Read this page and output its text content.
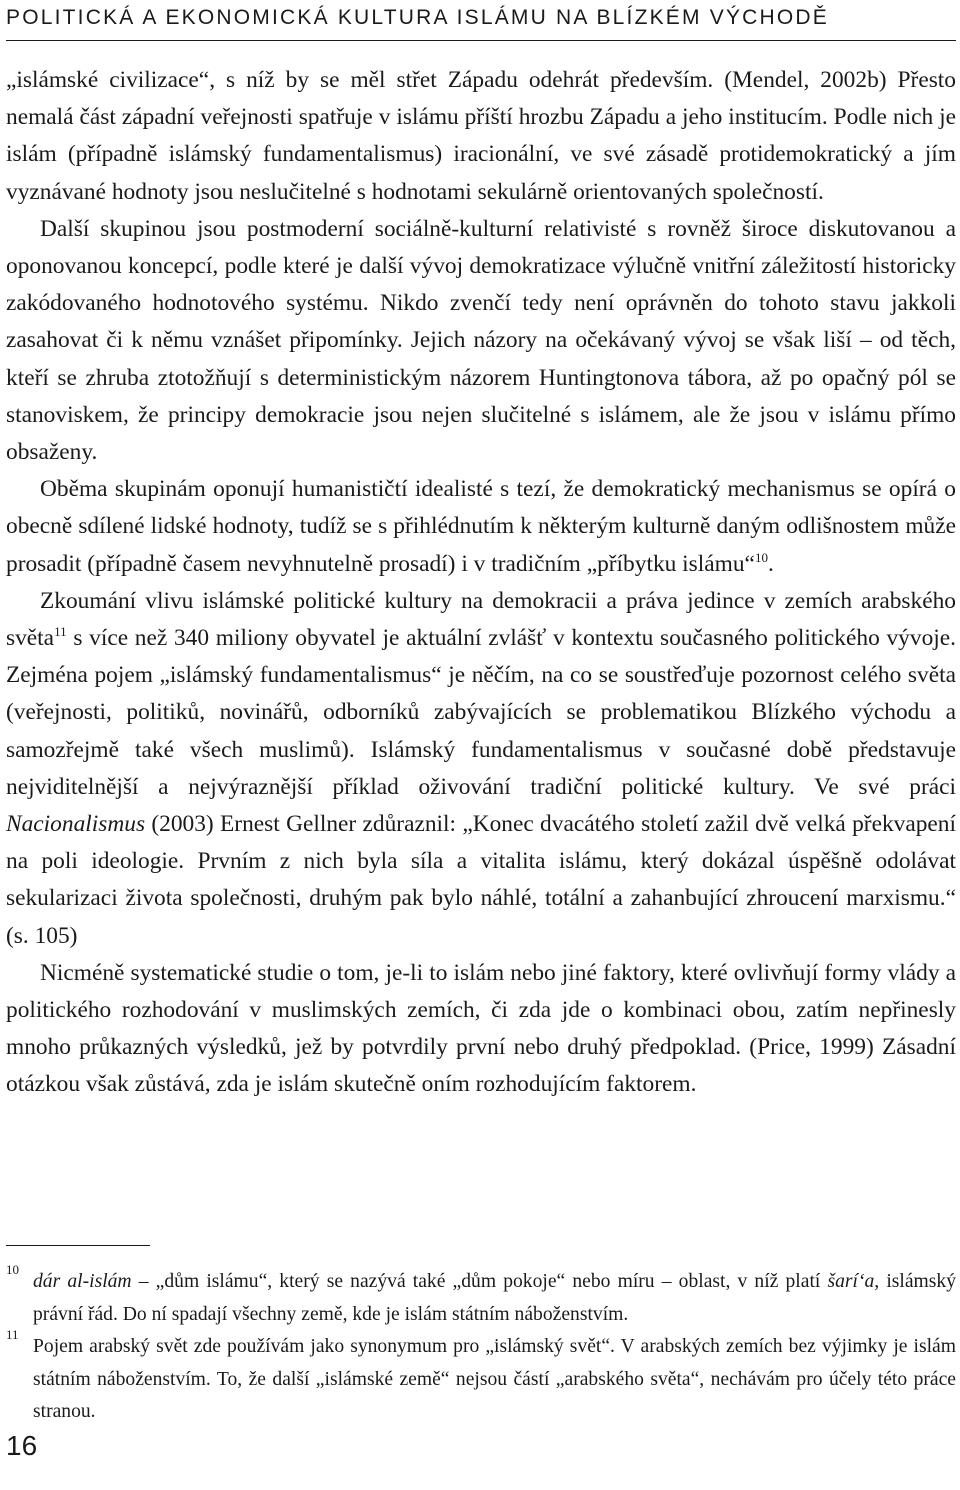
POLITICKÁ A EKONOMICKÁ KULTURA ISLÁMU NA BLÍZKÉM VÝCHODĚ

„islámské civilizace“, s níž by se měl střet Západu odehrát především. (Mendel, 2002b) Přesto nemalá část západní veřejnosti spatřuje v islámu příští hrozbu Západu a jeho institucím. Podle nich je islám (případně islámský fundamentalismus) iracionální, ve své zásadě protidemokratický a jím vyznávané hodnoty jsou neslučitelné s hodnotami sekulárně orientovaných společností.

Další skupinou jsou postmoderní sociálně-kulturní relativisté s rovněž široce diskutovanou a oponovanou koncepcí, podle které je další vývoj demokratizace výlučně vnitřní záležitostí historicky zakódovaného hodnotového systému. Nikdo zvenčí tedy není oprávněn do tohoto stavu jakkoli zasahovat či k němu vznášet připomínky. Jejich názory na očekávaný vývoj se však liší – od těch, kteří se zhruba ztotožňují s deterministickým názorem Huntingtonova tábora, až po opačný pól se stanoviskem, že principy demokracie jsou nejen slučitelné s islámem, ale že jsou v islámu přímo obsaženy.

Oběma skupinám oponují humanističtí idealisté s tezí, že demokratický mechanismus se opírá o obecně sdílené lidské hodnoty, tudíž se s přihlédnutím k některým kulturně daným odlišnostem může prosadit (případně časem nevyhnutelně prosadí) i v tradičním „příbytku islámu“$^{10}$.

Zkoumání vlivu islámské politické kultury na demokracii a práva jedince v zemích arabského světa$^{11}$ s více než 340 miliony obyvatel je aktuální zvlášť v kontextu současného politického vývoje. Zejména pojem „islámský fundamentalismus“ je něčím, na co se soustřeďuje pozornost celého světa (veřejnosti, politiků, novinářů, odborníků zabývajících se problematikou Blízkého východu a samozřejmě také všech muslimů). Islámský fundamentalismus v současné době představuje nejviditelnější a nejvýraznější příklad oživování tradiční politické kultury. Ve své práci Nacionalismus (2003) Ernest Gellner zdůraznil: „Konec dvacátého století zažil dvě velká překvapení na poli ideologie. Prvním z nich byla síla a vitalita islámu, který dokázal úspěšně odolávat sekularizaci života společnosti, druhým pak bylo náhlé, totální a zahanbující zhroucení marxismu.“ (s. 105)

Nicméně systematické studie o tom, je-li to islám nebo jiné faktory, které ovlivňují formy vlády a politického rozhodování v muslimských zemích, či zda jde o kombinaci obou, zatím nepřinesly mnoho průkazných výsledků, jež by potvrdily první nebo druhý předpoklad. (Price, 1999) Zásadní otázkou však zůstává, zda je islám skutečně oním rozhodujícím faktorem.

10
dár al-islám – „dům islámu“, který se nazývá také „dům pokoje“ nebo míru – oblast, v níž platí šarí‘a, islámský právní řád. Do ní spadají všechny země, kde je islám státním náboženstvím.
11
Pojem arabský svět zde používám jako synonymum pro „islámský svět“. V arabských zemích bez výjimky je islám státním náboženstvím. To, že další „islámské země“ nejsou částí „arabského světa“, nechávám pro účely této práce stranou.
16
